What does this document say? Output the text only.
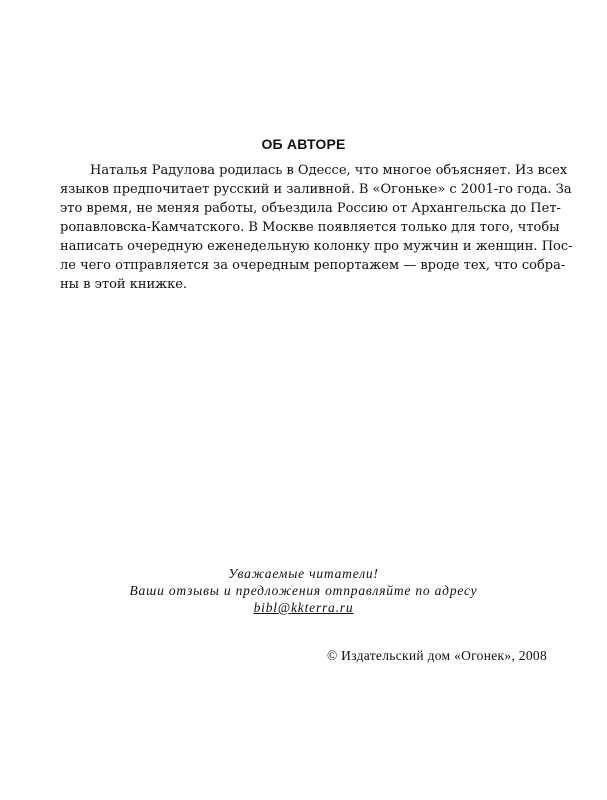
ОБ АВТОРЕ
Наталья Радулова родилась в Одессе, что многое объясняет. Из всех
языков предпочитает русский и заливной. В «Огоньке» с 2001-го года. За
это время, не меняя работы, объездила Россию от Архангельска до Пет-
ропавловска-Камчатского. В Москве появляется только для того, чтобы
написать очередную еженедельную колонку про мужчин и женщин. Пос-
ле чего отправляется за очередным репортажем — вроде тех, что собра-
ны в этой книжке.
Уважаемые читатели!
Ваши отзывы и предложения отправляйте по адресу
bibl@kkterra.ru
© Издательский дом «Огонек», 2008
